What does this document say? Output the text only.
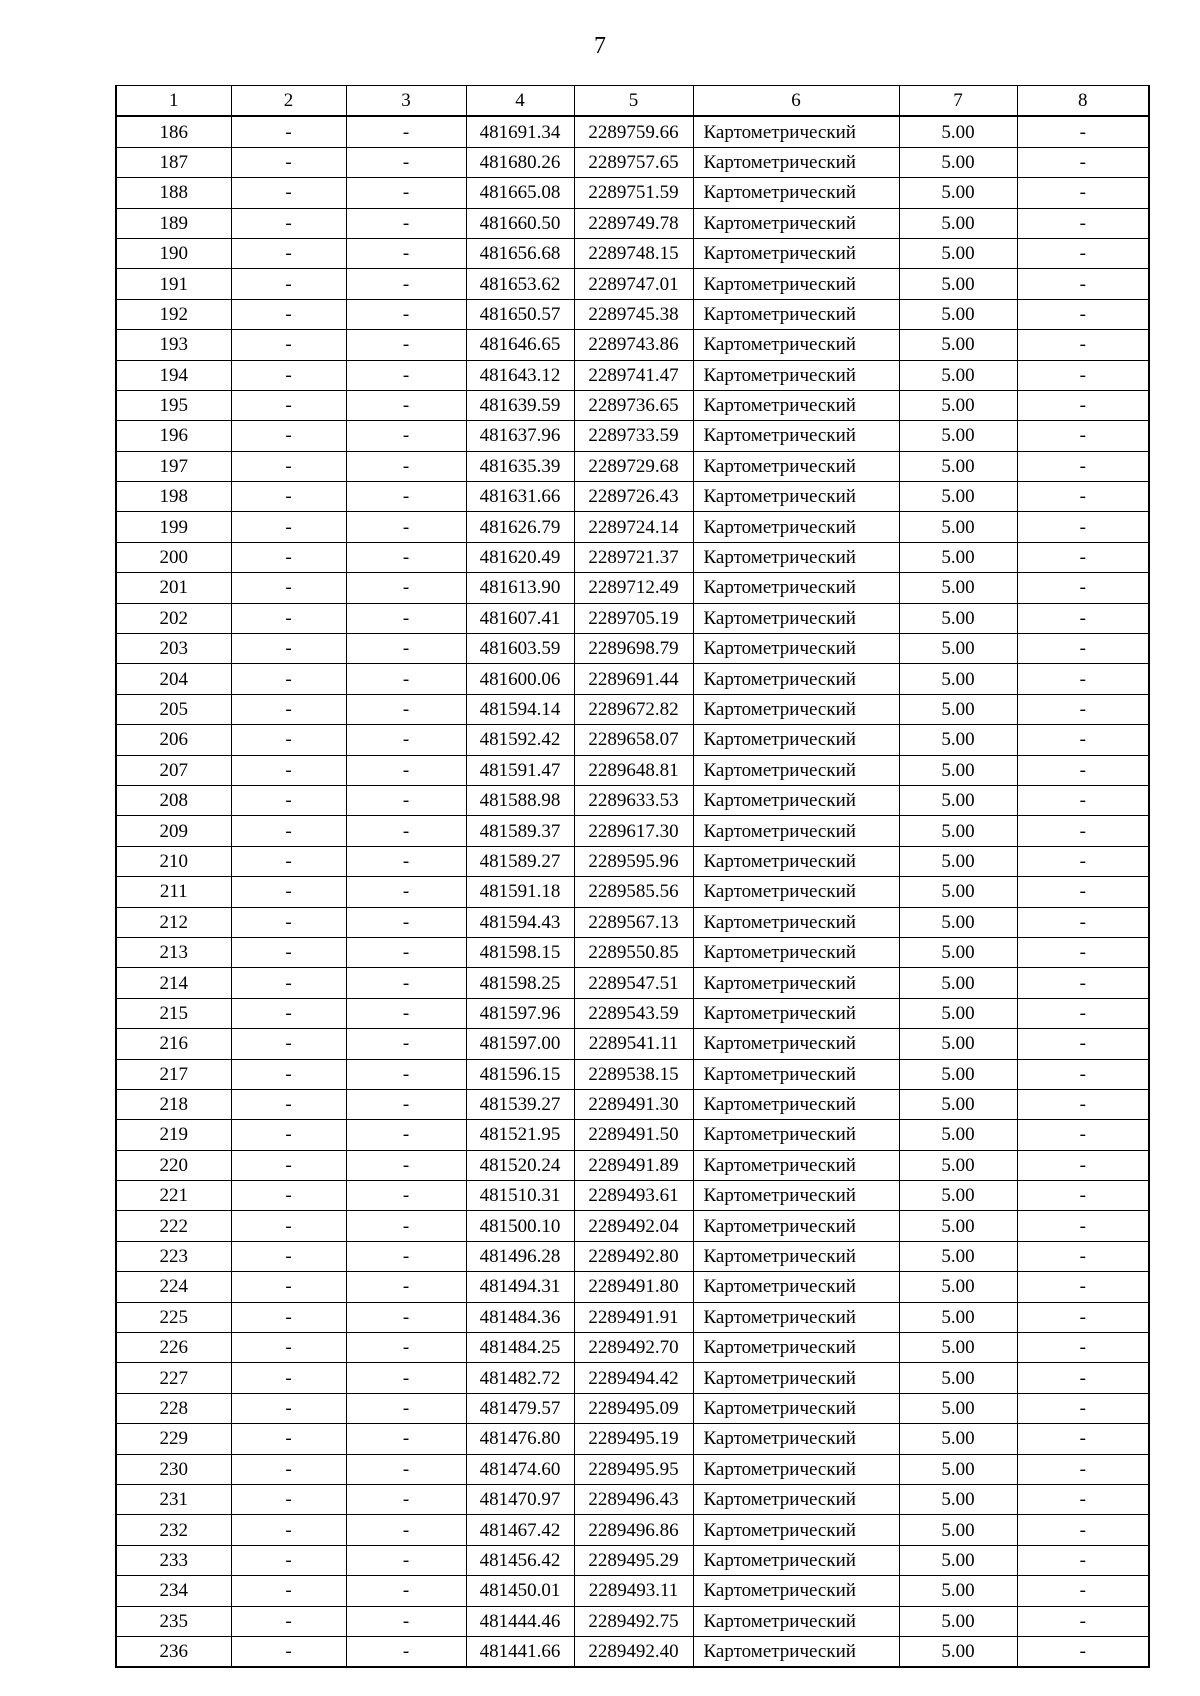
7
1	2	3	4	5	6	7	8
186	-	-	481691.34	2289759.66	Картометрический	5.00	-
187	-	-	481680.26	2289757.65	Картометрический	5.00	-
188	-	-	481665.08	2289751.59	Картометрический	5.00	-
189	-	-	481660.50	2289749.78	Картометрический	5.00	-
190	-	-	481656.68	2289748.15	Картометрический	5.00	-
191	-	-	481653.62	2289747.01	Картометрический	5.00	-
192	-	-	481650.57	2289745.38	Картометрический	5.00	-
193	-	-	481646.65	2289743.86	Картометрический	5.00	-
194	-	-	481643.12	2289741.47	Картометрический	5.00	-
195	-	-	481639.59	2289736.65	Картометрический	5.00	-
196	-	-	481637.96	2289733.59	Картометрический	5.00	-
197	-	-	481635.39	2289729.68	Картометрический	5.00	-
198	-	-	481631.66	2289726.43	Картометрический	5.00	-
199	-	-	481626.79	2289724.14	Картометрический	5.00	-
200	-	-	481620.49	2289721.37	Картометрический	5.00	-
201	-	-	481613.90	2289712.49	Картометрический	5.00	-
202	-	-	481607.41	2289705.19	Картометрический	5.00	-
203	-	-	481603.59	2289698.79	Картометрический	5.00	-
204	-	-	481600.06	2289691.44	Картометрический	5.00	-
205	-	-	481594.14	2289672.82	Картометрический	5.00	-
206	-	-	481592.42	2289658.07	Картометрический	5.00	-
207	-	-	481591.47	2289648.81	Картометрический	5.00	-
208	-	-	481588.98	2289633.53	Картометрический	5.00	-
209	-	-	481589.37	2289617.30	Картометрический	5.00	-
210	-	-	481589.27	2289595.96	Картометрический	5.00	-
211	-	-	481591.18	2289585.56	Картометрический	5.00	-
212	-	-	481594.43	2289567.13	Картометрический	5.00	-
213	-	-	481598.15	2289550.85	Картометрический	5.00	-
214	-	-	481598.25	2289547.51	Картометрический	5.00	-
215	-	-	481597.96	2289543.59	Картометрический	5.00	-
216	-	-	481597.00	2289541.11	Картометрический	5.00	-
217	-	-	481596.15	2289538.15	Картометрический	5.00	-
218	-	-	481539.27	2289491.30	Картометрический	5.00	-
219	-	-	481521.95	2289491.50	Картометрический	5.00	-
220	-	-	481520.24	2289491.89	Картометрический	5.00	-
221	-	-	481510.31	2289493.61	Картометрический	5.00	-
222	-	-	481500.10	2289492.04	Картометрический	5.00	-
223	-	-	481496.28	2289492.80	Картометрический	5.00	-
224	-	-	481494.31	2289491.80	Картометрический	5.00	-
225	-	-	481484.36	2289491.91	Картометрический	5.00	-
226	-	-	481484.25	2289492.70	Картометрический	5.00	-
227	-	-	481482.72	2289494.42	Картометрический	5.00	-
228	-	-	481479.57	2289495.09	Картометрический	5.00	-
229	-	-	481476.80	2289495.19	Картометрический	5.00	-
230	-	-	481474.60	2289495.95	Картометрический	5.00	-
231	-	-	481470.97	2289496.43	Картометрический	5.00	-
232	-	-	481467.42	2289496.86	Картометрический	5.00	-
233	-	-	481456.42	2289495.29	Картометрический	5.00	-
234	-	-	481450.01	2289493.11	Картометрический	5.00	-
235	-	-	481444.46	2289492.75	Картометрический	5.00	-
236	-	-	481441.66	2289492.40	Картометрический	5.00	-
